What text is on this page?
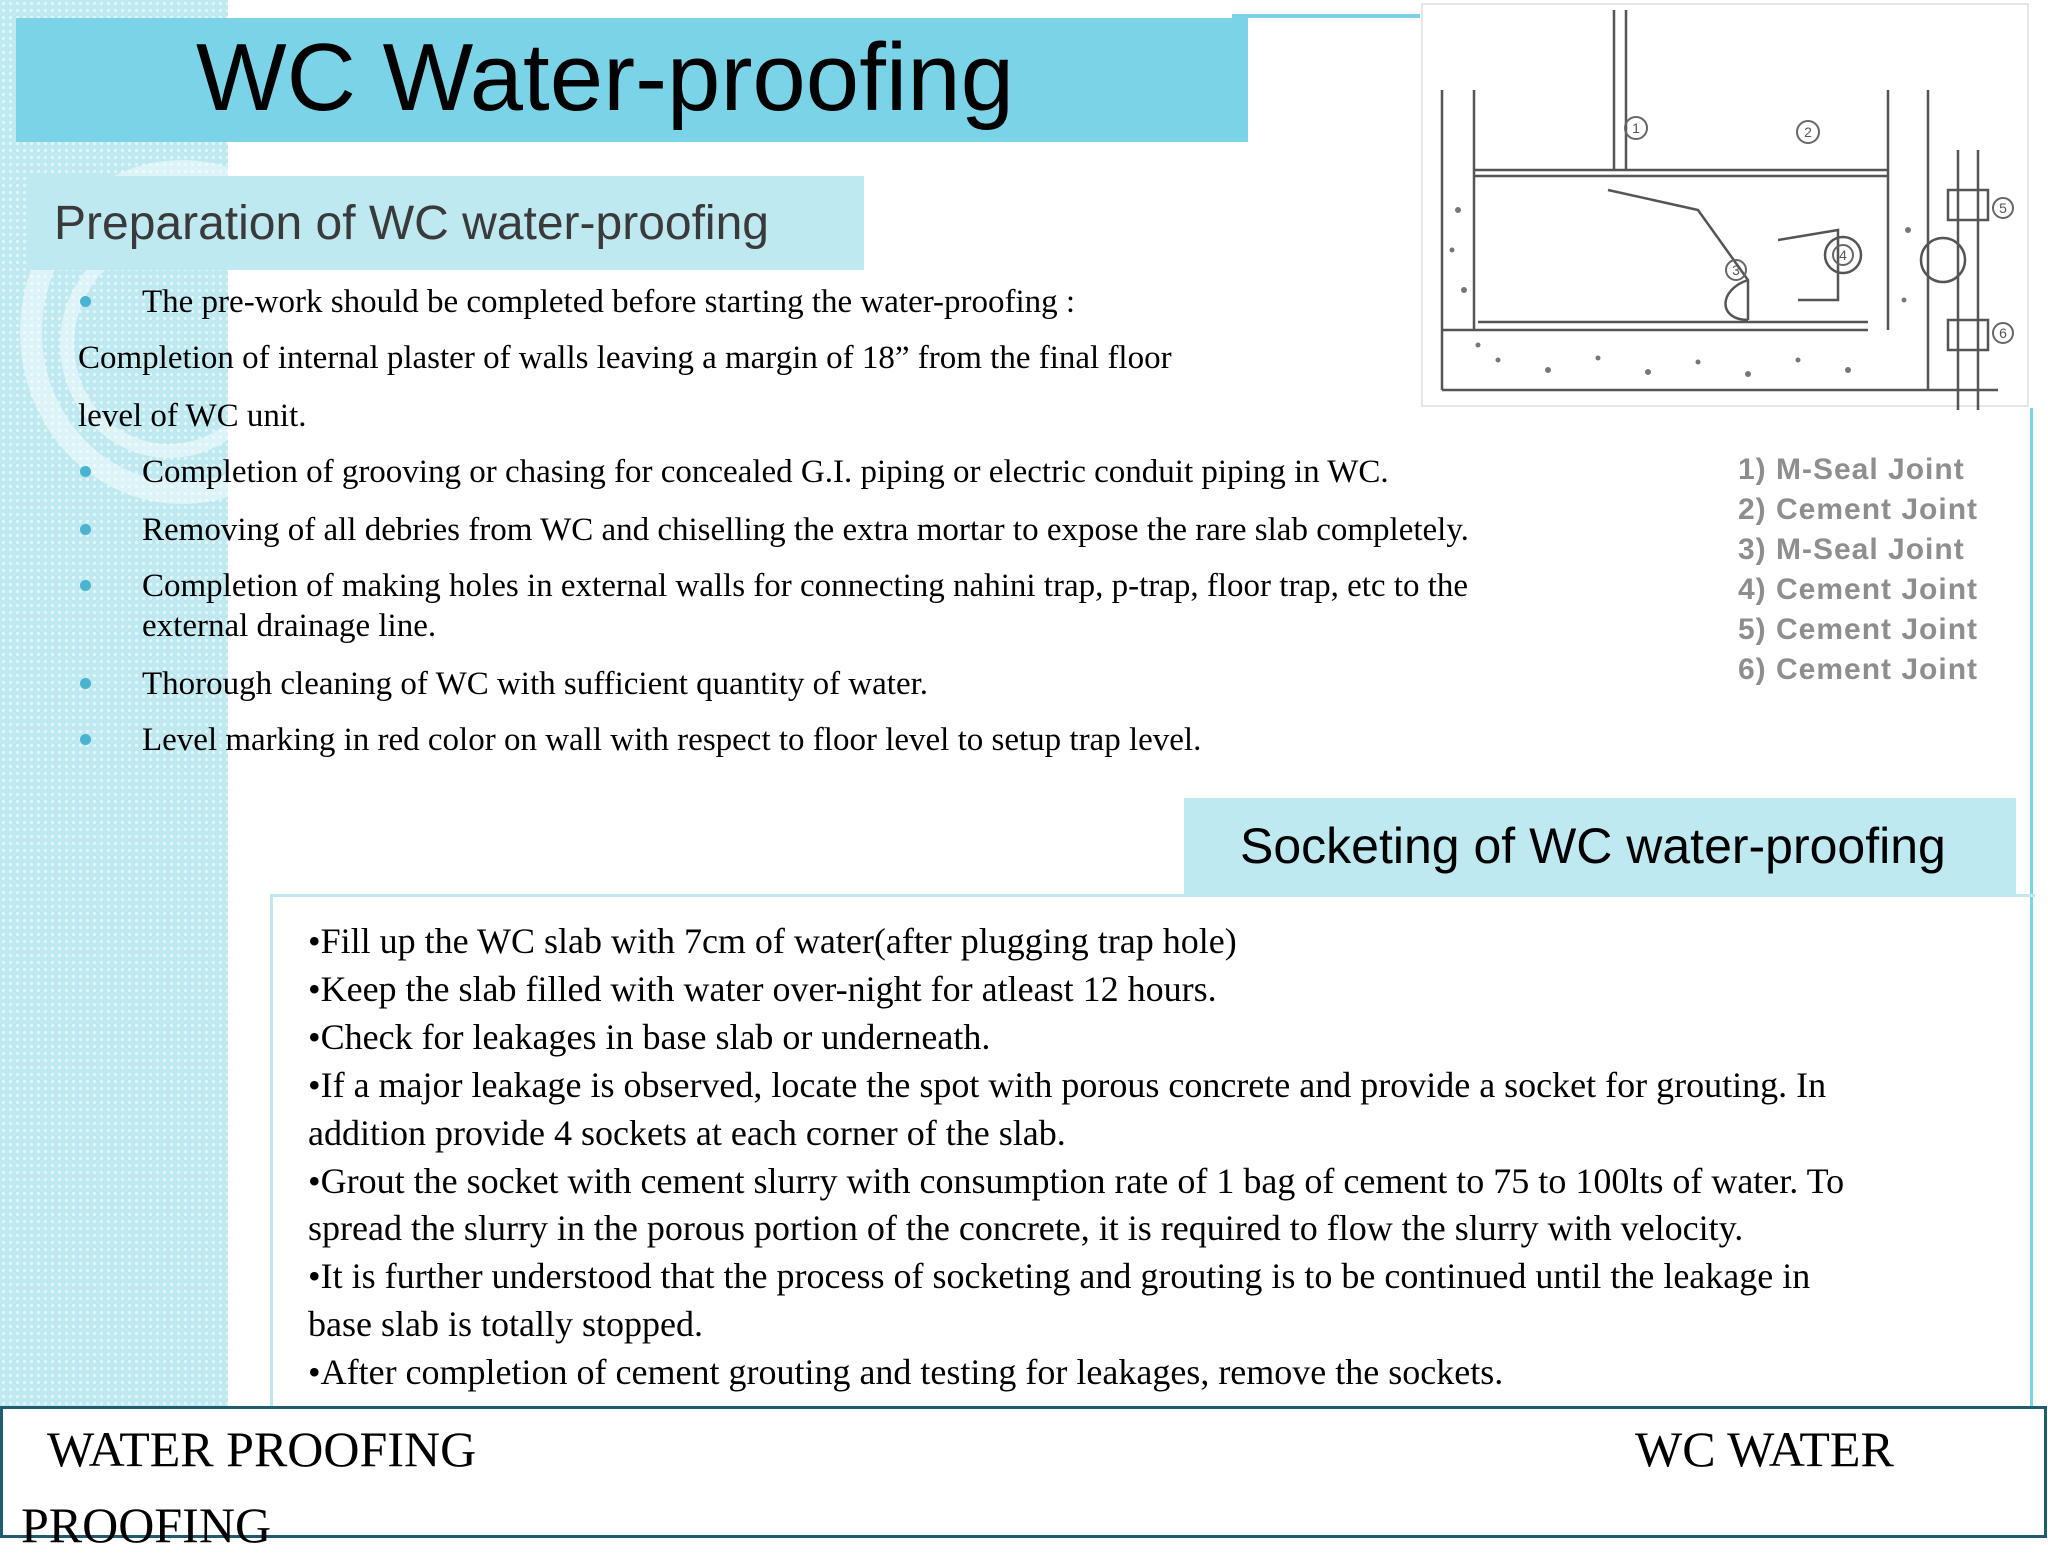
WC Water-proofing
Preparation of WC water-proofing
The pre-work should be completed before starting the water-proofing :
Completion of internal plaster of walls leaving a margin of 18” from the final floor
level of WC unit.
Completion of grooving or chasing for concealed G.I. piping or electric conduit piping in WC.
Removing of all debries from WC and chiselling the extra mortar to expose the rare slab completely.
Completion of making holes in external walls for connecting nahini trap, p-trap, floor trap, etc to the
external drainage line.
Thorough cleaning of WC with sufficient quantity of water.
Level marking in red color on wall with respect to floor level to setup trap level.
1	2
3
4
5
6
1) M-Seal Joint
2) Cement Joint
3) M-Seal Joint
4) Cement Joint
5) Cement Joint
6) Cement Joint
Socketing of WC water-proofing
•Fill up the WC slab with 7cm of water(after plugging trap hole)
•Keep the slab filled with water over-night for atleast 12 hours.
•Check for leakages in base slab or underneath.
•If a major leakage is observed, locate the spot with porous concrete and provide a socket for grouting. In
addition provide 4 sockets at each corner of the slab.
•Grout the socket with cement slurry with consumption rate of 1 bag of cement to 75 to 100lts of water. To
spread the slurry in the porous portion of the concrete, it is required to flow the slurry with velocity.
•It is further understood that the process of socketing and grouting is to be continued until the leakage in
base slab is totally stopped.
•After completion of cement grouting and testing for leakages, remove the sockets.
WATER PROOFING	WC WATER
PROOFING
